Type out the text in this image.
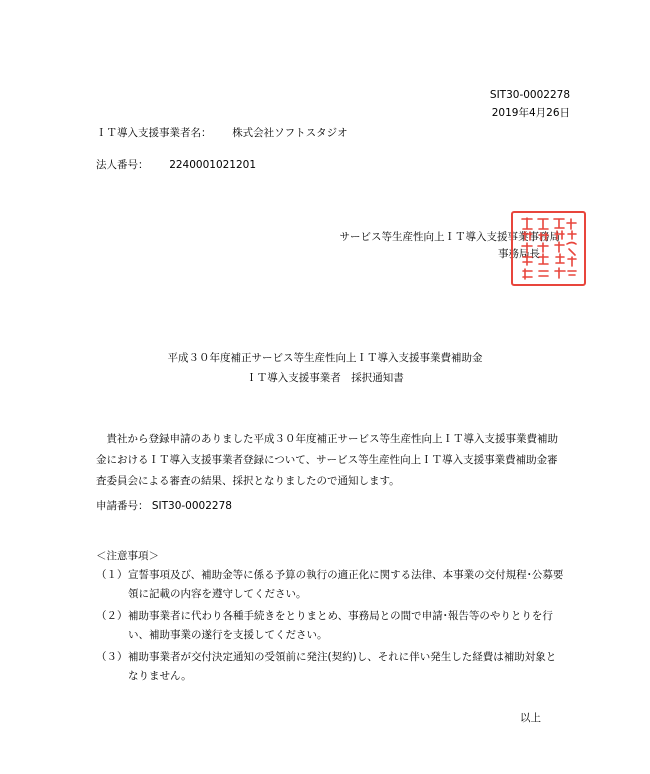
SIT30-0002278
2019年4月26日
ＩＴ導入支援事業者名： 株式会社ソフトスタジオ
法人番号： 2240001021201
サービス等生産性向上ＩＴ導入支援事業事務局
事務局長
平成３０年度補正サービス等生産性向上ＩＴ導入支援事業費補助金
ＩＴ導入支援事業者　採択通知書
　貴社から登録申請のありました平成３０年度補正サービス等生産性向上ＩＴ導入支援事業費補助金におけるＩＴ導入支援事業者登録について、サービス等生産性向上ＩＴ導入支援事業費補助金審査委員会による審査の結果、採択となりましたので通知します。
申請番号： SIT30-0002278
＜注意事項＞
（１） 宣誓事項及び、補助金等に係る予算の執行の適正化に関する法律、本事業の交付規程･公募要領に記載の内容を遵守してください。
（２） 補助事業者に代わり各種手続きをとりまとめ、事務局との間で申請･報告等のやりとりを行い、補助事業の遂行を支援してください。
（３） 補助事業者が交付決定通知の受領前に発注(契約)し、それに伴い発生した経費は補助対象となりません。
以上
